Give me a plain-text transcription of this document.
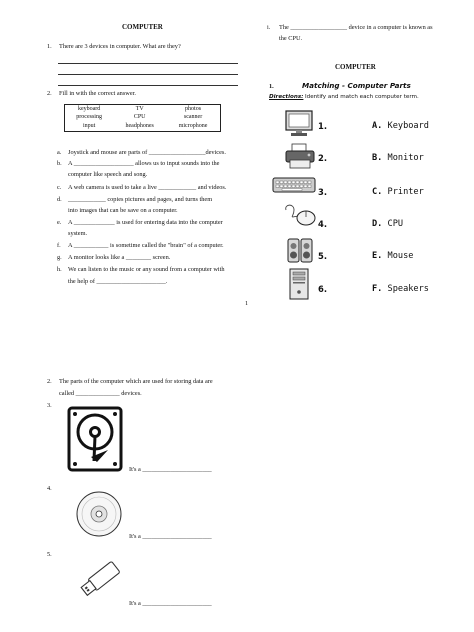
COMPUTER
1. There are 3 devices in computer. What are they?
2. Fill in with the correct answer.
keyboard	TV	photos
processing	CPU	scanner
input	headphones	microphone
a. Joystick and mouse are parts of __________________devices.
b. A ___________________ allows us to input sounds into the
computer like speech and song.
c. A web camera is used to take a live ____________ and videos.
d. ____________ copies pictures and pages, and turns them
into images that can be save on a computer.
e. A _____________ is used for entering data into the computer
system.
f. A ___________ is sometime called the "brain" of a computer.
g. A monitor looks like a ________ screen.
h. We can listen to the music or any sound from a computer with
the help of ______________________.
1
i. The __________________ device in a computer is known as
the CPU.
COMPUTER
1.	Matching - Computer Parts
Directions: Identify and match each computer term.
1.	A. Keyboard
2.	B. Monitor
3.	C. Printer
4.	D. CPU
5.	E. Mouse
6.	F. Speakers
2. The parts of the computer which are used for storing data are
called ______________ devices.
3.
It's a ______________________
4.
It's a ______________________
5.
It's a ______________________
